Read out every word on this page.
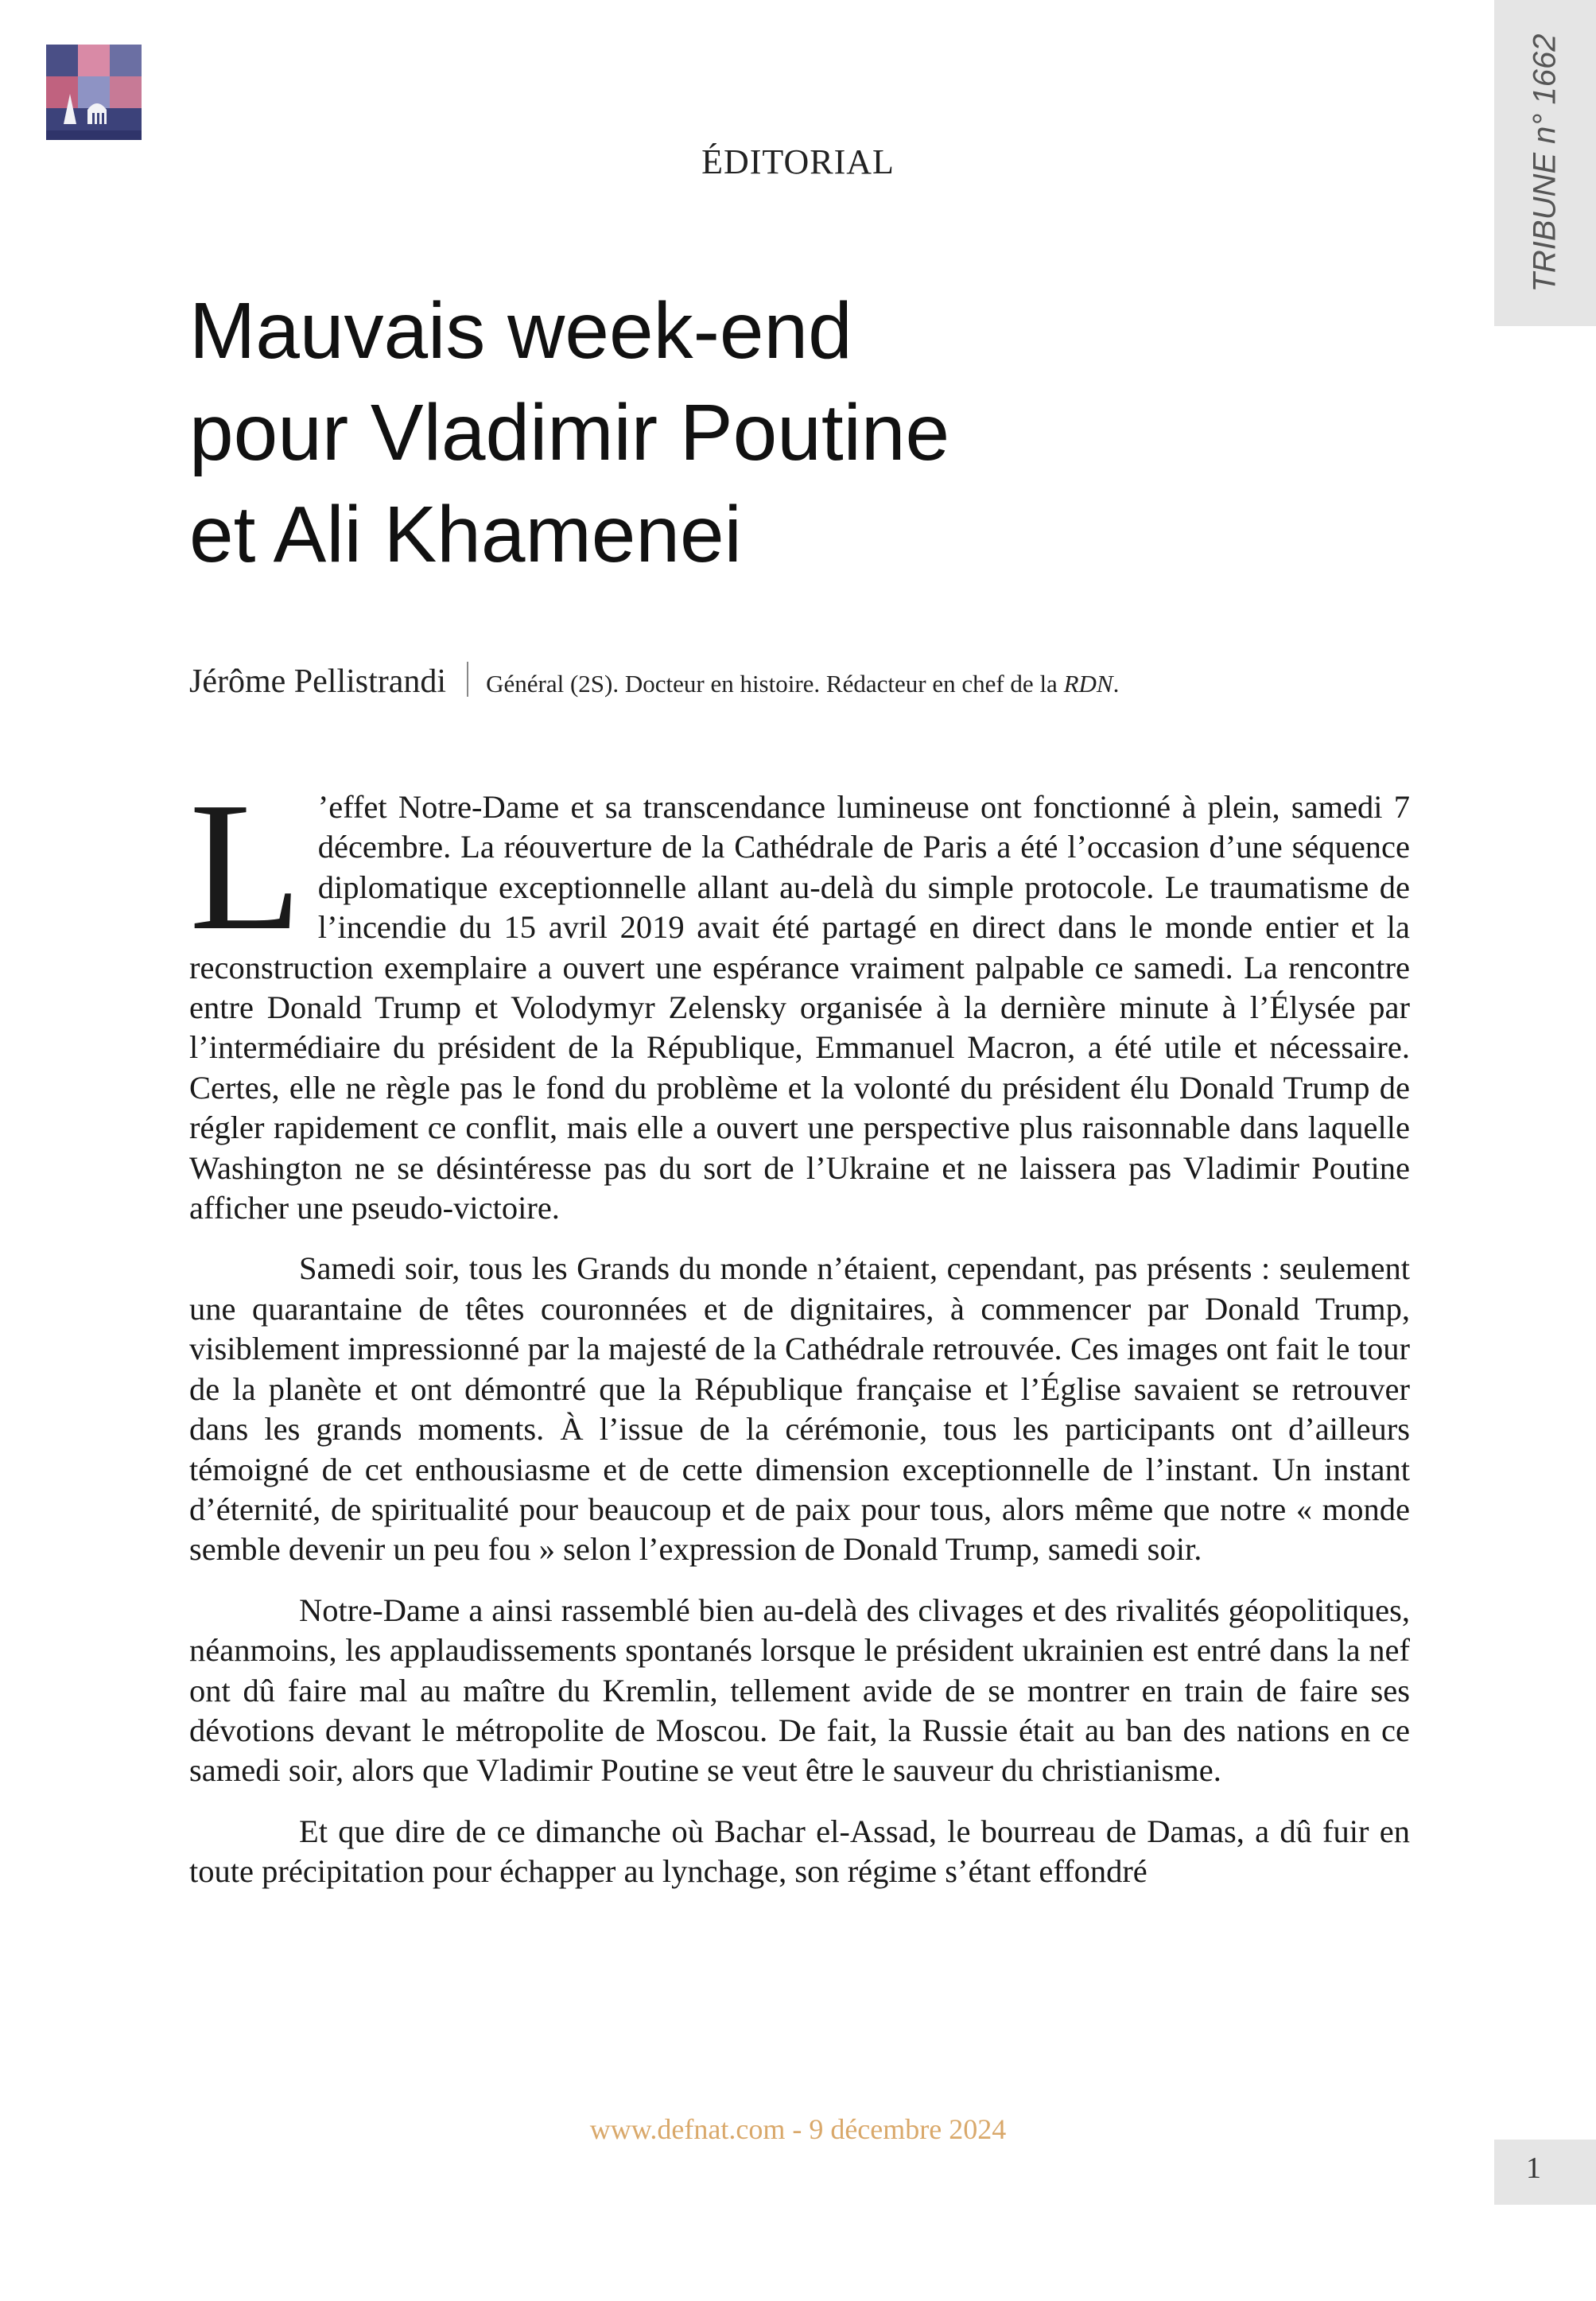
TRIBUNE n° 1662
ÉDITORIAL
Mauvais week-end
pour Vladimir Poutine
et Ali Khamenei
Jérôme Pellistrandi Général (2S). Docteur en histoire. Rédacteur en chef de la RDN.

L ’effet Notre-Dame et sa transcendance lumineuse ont fonctionné à plein, samedi 7 décembre. La réouverture de la Cathédrale de Paris a été l’occasion d’une séquence diplomatique exceptionnelle allant au-delà du simple protocole. Le traumatisme de l’incendie du 15 avril 2019 avait été partagé en direct dans le monde entier et la reconstruction exemplaire a ouvert une espérance vraiment palpable ce samedi. La rencontre entre Donald Trump et Volodymyr Zelensky organisée à la dernière minute à l’Élysée par l’intermédiaire du président de la République, Emmanuel Macron, a été utile et nécessaire. Certes, elle ne règle pas le fond du problème et la volonté du président élu Donald Trump de régler rapidement ce conflit, mais elle a ouvert une perspective plus raisonnable dans laquelle Washington ne se désintéresse pas du sort de l’Ukraine et ne laissera pas Vladimir Poutine afficher une pseudo-victoire.

Samedi soir, tous les Grands du monde n’étaient, cependant, pas présents : seulement une quarantaine de têtes couronnées et de dignitaires, à commencer par Donald Trump, visiblement impressionné par la majesté de la Cathédrale retrouvée. Ces images ont fait le tour de la planète et ont démontré que la République française et l’Église savaient se retrouver dans les grands moments. À l’issue de la cérémonie, tous les participants ont d’ailleurs témoigné de cet enthousiasme et de cette dimension exceptionnelle de l’instant. Un instant d’éternité, de spiritualité pour beaucoup et de paix pour tous, alors même que notre « monde semble devenir un peu fou » selon l’expression de Donald Trump, samedi soir.

Notre-Dame a ainsi rassemblé bien au-delà des clivages et des rivalités géopolitiques, néanmoins, les applaudissements spontanés lorsque le président ukrainien est entré dans la nef ont dû faire mal au maître du Kremlin, tellement avide de se montrer en train de faire ses dévotions devant le métropolite de Moscou. De fait, la Russie était au ban des nations en ce samedi soir, alors que Vladimir Poutine se veut être le sauveur du christianisme.

Et que dire de ce dimanche où Bachar el-Assad, le bourreau de Damas, a dû fuir en toute précipitation pour échapper au lynchage, son régime s’étant effondré

www.defnat.com - 9 décembre 2024
1
